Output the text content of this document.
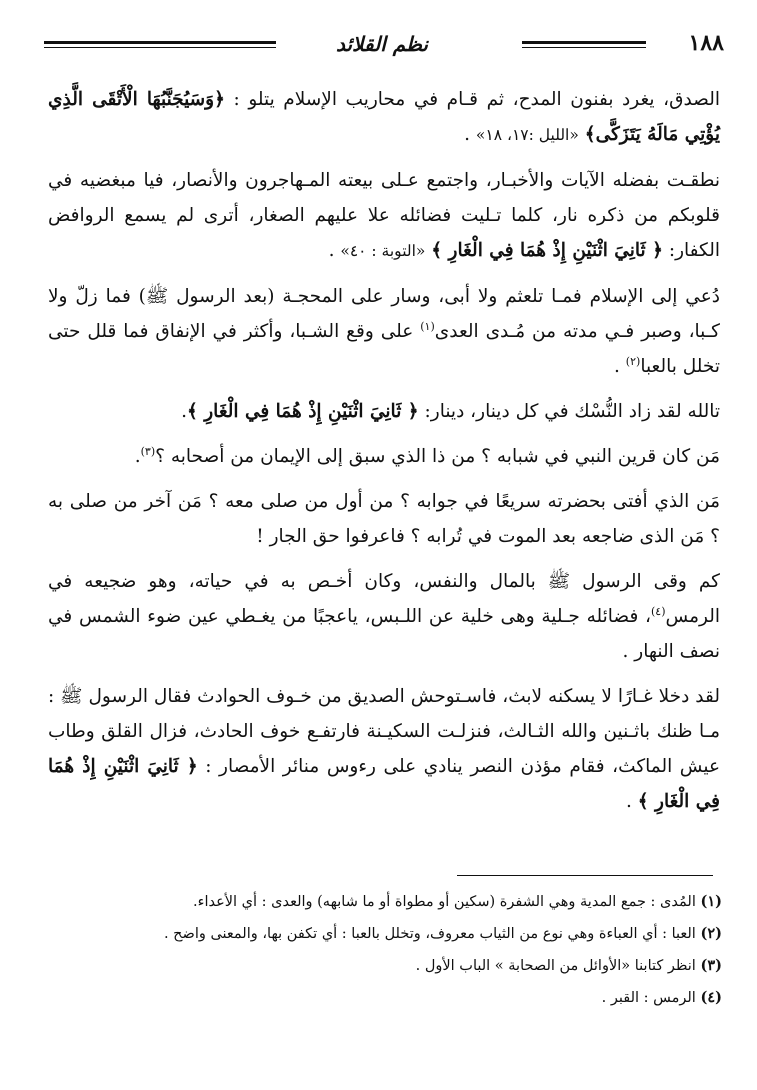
١٨٨
نظم القلائد

الصدق، يغرد بفنون المدح، ثم قـام في محاريب الإسلام يتلو : ﴿وَسَيُجَنَّبُهَا الْأَتْقَى الَّذِي يُؤْتِي مَالَهُ يَتَزَكَّى﴾ «الليل :١٧، ١٨» .

نطقـت بفضله الآيات والأخبـار، واجتمع عـلى بيعته المـهاجرون والأنصار، فيا مبغضيه في قلوبكم من ذكره نار، كلما تـليت فضائله علا عليهم الصغار، أترى لم يسمع الروافض الكفار: ﴿ ثَانِيَ اثْنَيْنِ إِذْ هُمَا فِي الْغَارِ ﴾ «التوبة : ٤٠» .

دُعي إلى الإسلام فمـا تلعثم ولا أبى، وسار على المحجـة (بعد الرسول ﷺ) فما زلّ ولا كـبا، وصبر فـي مدته من مُـدى العدى$^{(١)}$ على وقع الشـبا، وأكثر في الإنفاق فما قلل حتى تخلل بالعبا$^{(٢)}$ .

تالله لقد زاد النُّسْك في كل دينار، دينار: ﴿ ثَانِيَ اثْنَيْنِ إِذْ هُمَا فِي الْغَارِ ﴾.

مَن كان قرين النبي في شبابه ؟ من ذا الذي سبق إلى الإيمان من أصحابه ؟$^{(٣)}$.

مَن الذي أفتى بحضرته سريعًا في جوابه ؟ من أول من صلى معه ؟ مَن آخر من صلى به ؟ مَن الذى ضاجعه بعد الموت في تُرابه ؟ فاعرفوا حق الجار !

كم وقى الرسول ﷺ بالمال والنفس، وكان أخـص به في حياته، وهو ضجيعه في الرمس$^{(٤)}$، فضائله جـلية وهى خلية عن اللـبس، ياعجبًا من يغـطي عين ضوء الشمس في نصف النهار .

لقد دخلا غـارًا لا يسكنه لابث، فاسـتوحش الصديق من خـوف الحوادث فقال الرسول ﷺ : مـا ظنك باثـنين والله الثـالث، فنزلـت السكيـنة فارتفـع خوف الحادث، فزال القلق وطاب عيش الماكث، فقام مؤذن النصر ينادي على رءوس منائر الأمصار : ﴿ ثَانِيَ اثْنَيْنِ إِذْ هُمَا فِي الْغَارِ ﴾ .

(١) المُدى : جمع المدية وهي الشفرة (سكين أو مطواة أو ما شابهه) والعدى : أي الأعداء.

(٢) العبا : أي العباءة وهي نوع من الثياب معروف، وتخلل بالعبا : أي تكفن بها، والمعنى واضح .

(٣) انظر كتابنا «الأوائل من الصحابة » الباب الأول .

(٤) الرمس : القبر .
